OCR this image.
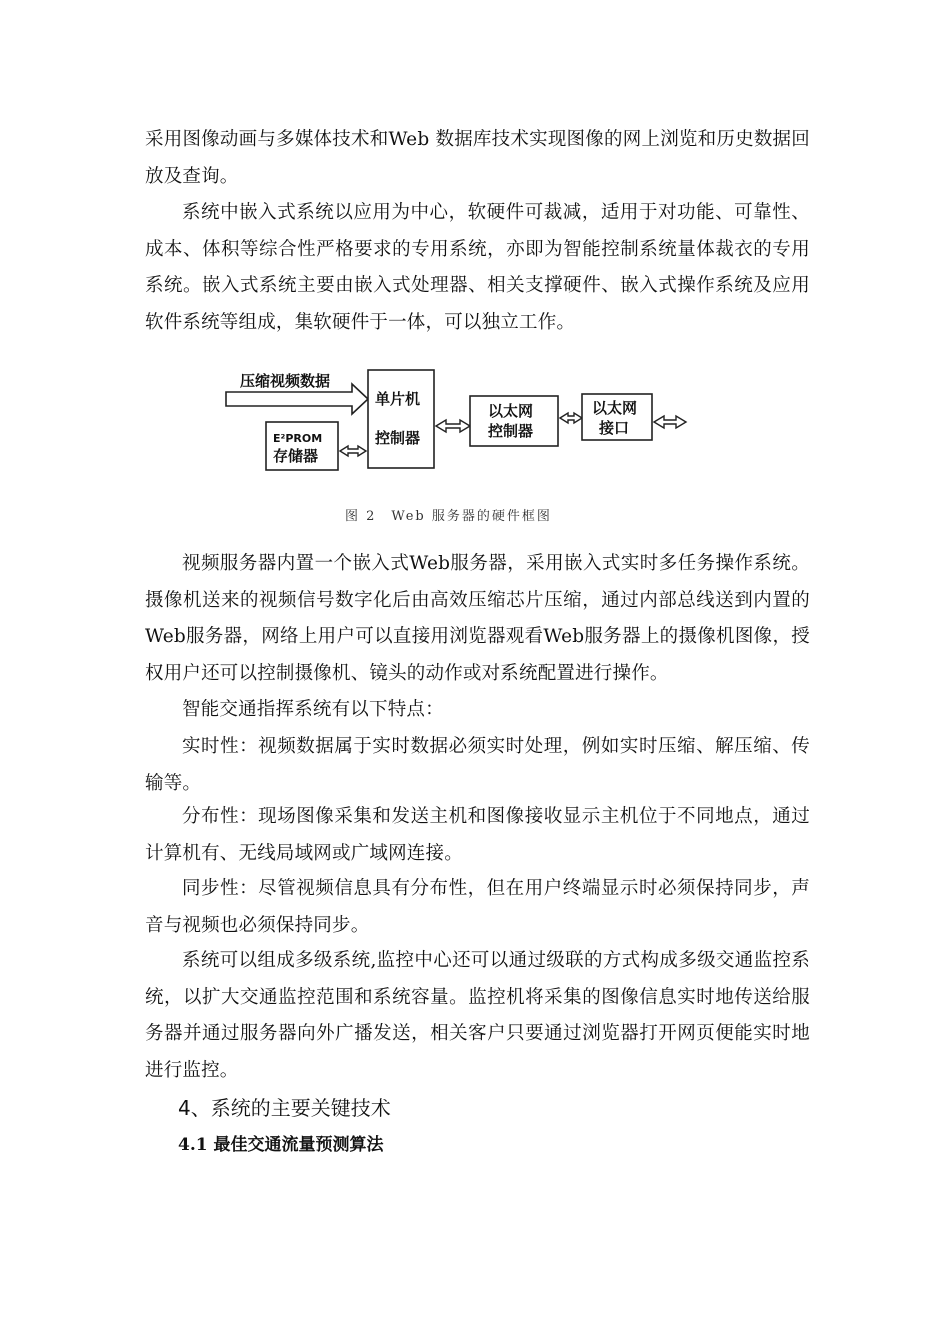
采用图像动画与多媒体技术和Web 数据库技术实现图像的网上浏览和历史数据回放及查询。

系统中嵌入式系统以应用为中心，软硬件可裁减，适用于对功能、可靠性、成本、体积等综合性严格要求的专用系统，亦即为智能控制系统量体裁衣的专用系统。嵌入式系统主要由嵌入式处理器、相关支撑硬件、嵌入式操作系统及应用软件系统等组成，集软硬件于一体，可以独立工作。

压缩视频数据
单片机
控制器
E²PROM
存储器
以太网
控制器
以太网
接口
图 2　Web 服务器的硬件框图

视频服务器内置一个嵌入式Web服务器，采用嵌入式实时多任务操作系统。摄像机送来的视频信号数字化后由高效压缩芯片压缩，通过内部总线送到内置的Web服务器，网络上用户可以直接用浏览器观看Web服务器上的摄像机图像，授权用户还可以控制摄像机、镜头的动作或对系统配置进行操作。

智能交通指挥系统有以下特点：

实时性：视频数据属于实时数据必须实时处理，例如实时压缩、解压缩、传输等。

分布性：现场图像采集和发送主机和图像接收显示主机位于不同地点，通过计算机有、无线局域网或广域网连接。

同步性：尽管视频信息具有分布性，但在用户终端显示时必须保持同步，声音与视频也必须保持同步。

系统可以组成多级系统,监控中心还可以通过级联的方式构成多级交通监控系统，以扩大交通监控范围和系统容量。监控机将采集的图像信息实时地传送给服务器并通过服务器向外广播发送，相关客户只要通过浏览器打开网页便能实时地进行监控。

4、系统的主要关键技术
4.1 最佳交通流量预测算法
